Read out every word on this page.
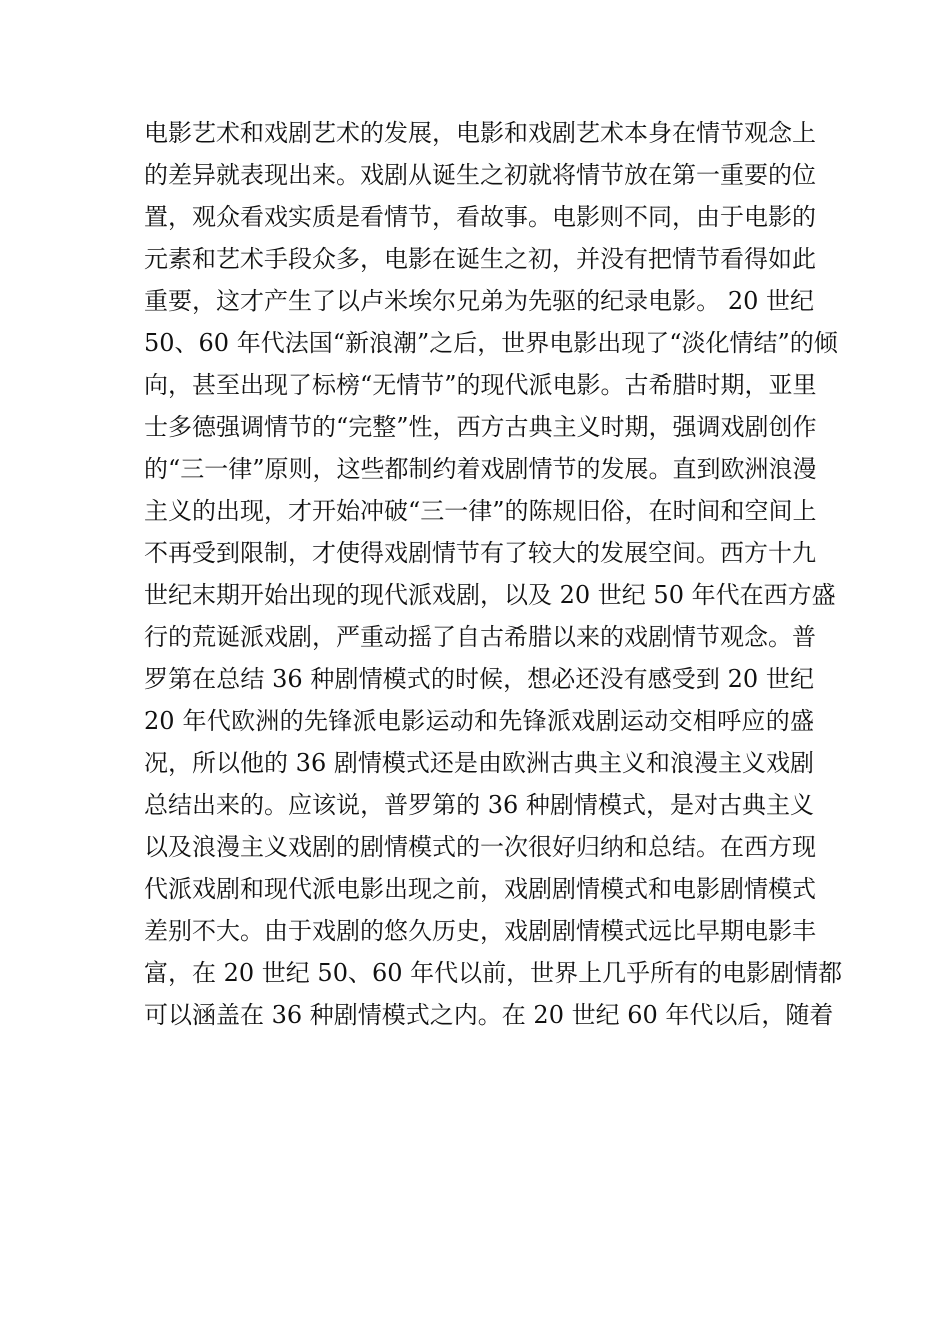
电影艺术和戏剧艺术的发展，电影和戏剧艺术本身在情节观念上
的差异就表现出来。戏剧从诞生之初就将情节放在第一重要的位
置，观众看戏实质是看情节，看故事。电影则不同，由于电影的
元素和艺术手段众多，电影在诞生之初，并没有把情节看得如此
重要，这才产生了以卢米埃尔兄弟为先驱的纪录电影。 20 世纪
50、60 年代法国“新浪潮”之后，世界电影出现了“淡化情结”的倾
向，甚至出现了标榜“无情节”的现代派电影。古希腊时期，亚里
士多德强调情节的“完整”性，西方古典主义时期，强调戏剧创作
的“三一律”原则，这些都制约着戏剧情节的发展。直到欧洲浪漫
主义的出现，才开始冲破“三一律”的陈规旧俗，在时间和空间上
不再受到限制，才使得戏剧情节有了较大的发展空间。西方十九
世纪末期开始出现的现代派戏剧，以及 20 世纪 50 年代在西方盛
行的荒诞派戏剧，严重动摇了自古希腊以来的戏剧情节观念。普
罗第在总结 36 种剧情模式的时候，想必还没有感受到 20 世纪
20 年代欧洲的先锋派电影运动和先锋派戏剧运动交相呼应的盛
况，所以他的 36 剧情模式还是由欧洲古典主义和浪漫主义戏剧
总结出来的。应该说，普罗第的 36 种剧情模式，是对古典主义
以及浪漫主义戏剧的剧情模式的一次很好归纳和总结。在西方现
代派戏剧和现代派电影出现之前，戏剧剧情模式和电影剧情模式
差别不大。由于戏剧的悠久历史，戏剧剧情模式远比早期电影丰
富，在 20 世纪 50、60 年代以前，世界上几乎所有的电影剧情都
可以涵盖在 36 种剧情模式之内。在 20 世纪 60 年代以后，随着
